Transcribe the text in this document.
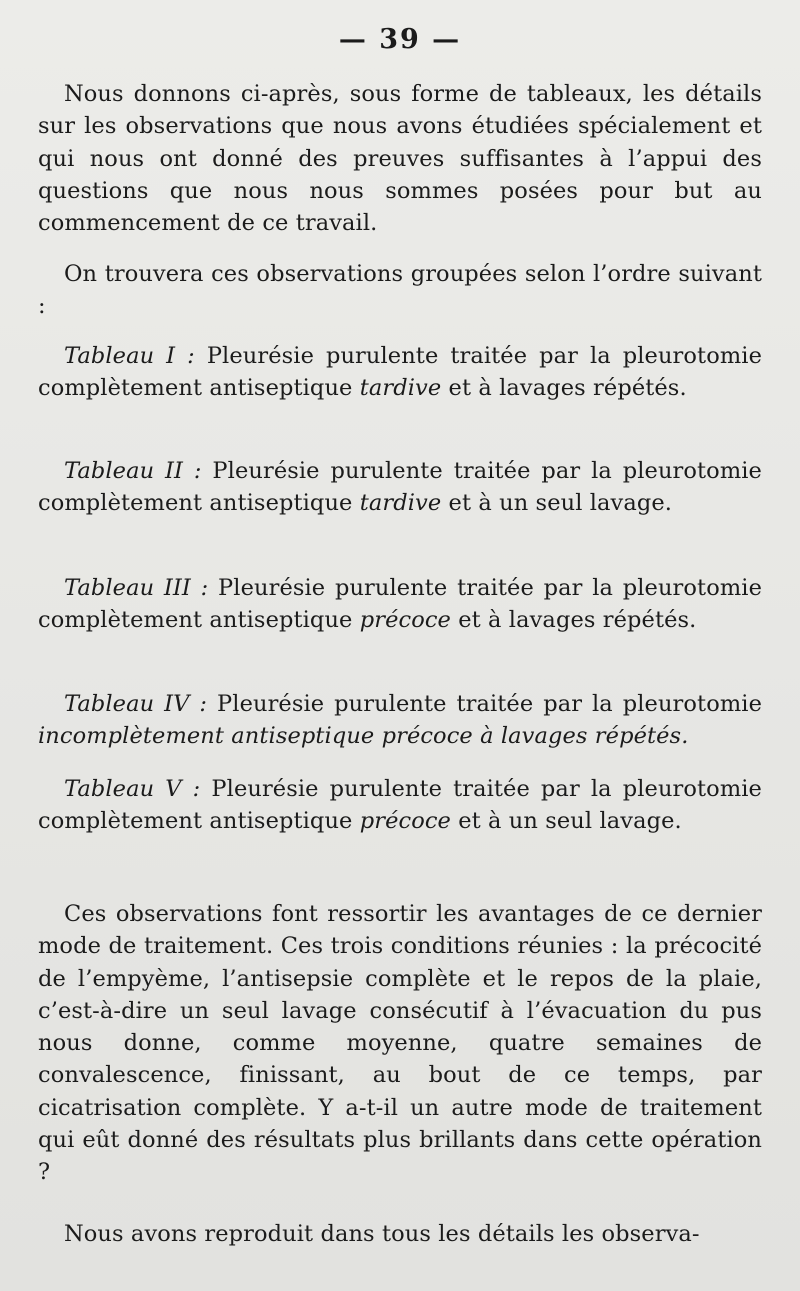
— 39 —

Nous donnons ci-après, sous forme de tableaux, les détails sur les observations que nous avons étudiées spécialement et qui nous ont donné des preuves suffisantes à l’appui des questions que nous nous sommes posées pour but au commencement de ce travail.

On trouvera ces observations groupées selon l’ordre suivant :

Tableau I : Pleurésie purulente traitée par la pleurotomie complètement antiseptique tardive et à lavages répétés.

Tableau II : Pleurésie purulente traitée par la pleurotomie complètement antiseptique tardive et à un seul lavage.

Tableau III : Pleurésie purulente traitée par la pleurotomie complètement antiseptique précoce et à lavages répétés.

Tableau IV : Pleurésie purulente traitée par la pleurotomie incomplètement antiseptique précoce à lavages répétés.

Tableau V : Pleurésie purulente traitée par la pleurotomie complètement antiseptique précoce et à un seul lavage.

Ces observations font ressortir les avantages de ce dernier mode de traitement. Ces trois conditions réunies : la précocité de l’empyème, l’antisepsie complète et le repos de la plaie, c’est-à-dire un seul lavage consécutif à l’évacuation du pus nous donne, comme moyenne, quatre semaines de convalescence, finissant, au bout de ce temps, par cicatrisation complète. Y a-t-il un autre mode de traitement qui eût donné des résultats plus brillants dans cette opération ?

Nous avons reproduit dans tous les détails les observa-
